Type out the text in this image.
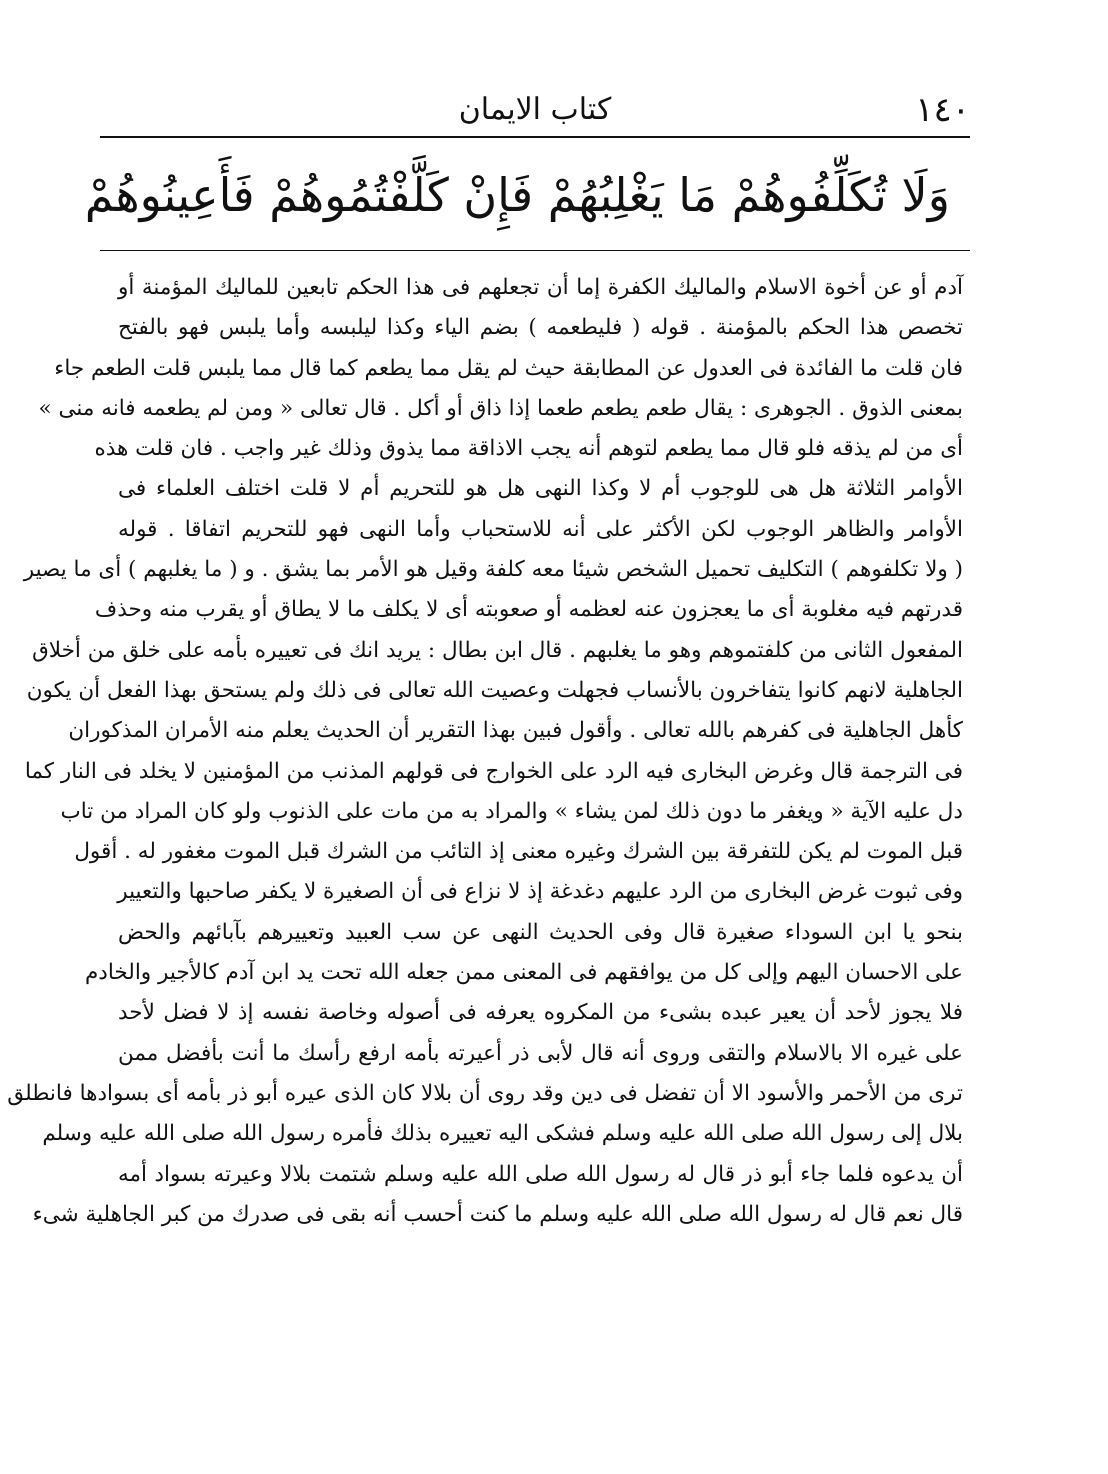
١٤٠
كتاب الايمان
وَلَا تُكَلِّفُوهُمْ مَا يَغْلِبُهُمْ فَإِنْ كَلَّفْتُمُوهُمْ فَأَعِينُوهُمْ
آدم أو عن أخوة الاسلام والماليك الكفرة إما أن تجعلهم فى هذا الحكم تابعين للماليك المؤمنة أو
تخصص هذا الحكم بالمؤمنة . قوله ( فليطعمه ) بضم الياء وكذا ليلبسه وأما يلبس فهو بالفتح
فان قلت ما الفائدة فى العدول عن المطابقة حيث لم يقل مما يطعم كما قال مما يلبس قلت الطعم جاء
بمعنى الذوق . الجوهرى : يقال طعم يطعم طعما إذا ذاق أو أكل . قال تعالى « ومن لم يطعمه فانه منى »
أى من لم يذقه فلو قال مما يطعم لتوهم أنه يجب الاذاقة مما يذوق وذلك غير واجب . فان قلت هذه
الأوامر الثلاثة هل هى للوجوب أم لا وكذا النهى هل هو للتحريم أم لا قلت اختلف العلماء فى
الأوامر والظاهر الوجوب لكن الأكثر على أنه للاستحباب وأما النهى فهو للتحريم اتفاقا . قوله
( ولا تكلفوهم ) التكليف تحميل الشخص شيئا معه كلفة وقيل هو الأمر بما يشق . و ( ما يغلبهم ) أى ما يصير
قدرتهم فيه مغلوبة أى ما يعجزون عنه لعظمه أو صعوبته أى لا يكلف ما لا يطاق أو يقرب منه وحذف
المفعول الثانى من كلفتموهم وهو ما يغلبهم . قال ابن بطال : يريد انك فى تعييره بأمه على خلق من أخلاق
الجاهلية لانهم كانوا يتفاخرون بالأنساب فجهلت وعصيت الله تعالى فى ذلك ولم يستحق بهذا الفعل أن يكون
كأهل الجاهلية فى كفرهم بالله تعالى . وأقول فبين بهذا التقرير أن الحديث يعلم منه الأمران المذكوران
فى الترجمة قال وغرض البخارى فيه الرد على الخوارج فى قولهم المذنب من المؤمنين لا يخلد فى النار كما
دل عليه الآية « ويغفر ما دون ذلك لمن يشاء » والمراد به من مات على الذنوب ولو كان المراد من تاب
قبل الموت لم يكن للتفرقة بين الشرك وغيره معنى إذ التائب من الشرك قبل الموت مغفور له . أقول
وفى ثبوت غرض البخارى من الرد عليهم دغدغة إذ لا نزاع فى أن الصغيرة لا يكفر صاحبها والتعيير
بنحو يا ابن السوداء صغيرة قال وفى الحديث النهى عن سب العبيد وتعييرهم بآبائهم والحض
على الاحسان اليهم وإلى كل من يوافقهم فى المعنى ممن جعله الله تحت يد ابن آدم كالأجير والخادم
فلا يجوز لأحد أن يعير عبده بشىء من المكروه يعرفه فى أصوله وخاصة نفسه إذ لا فضل لأحد
على غيره الا بالاسلام والتقى وروى أنه قال لأبى ذر أعيرته بأمه ارفع رأسك ما أنت بأفضل ممن
ترى من الأحمر والأسود الا أن تفضل فى دين وقد روى أن بلالا كان الذى عيره أبو ذر بأمه أى بسوادها فانطلق
بلال إلى رسول الله صلى الله عليه وسلم فشكى اليه تعييره بذلك فأمره رسول الله صلى الله عليه وسلم
أن يدعوه فلما جاء أبو ذر قال له رسول الله صلى الله عليه وسلم شتمت بلالا وعيرته بسواد أمه
قال نعم قال له رسول الله صلى الله عليه وسلم ما كنت أحسب أنه بقى فى صدرك من كبر الجاهلية شىء
